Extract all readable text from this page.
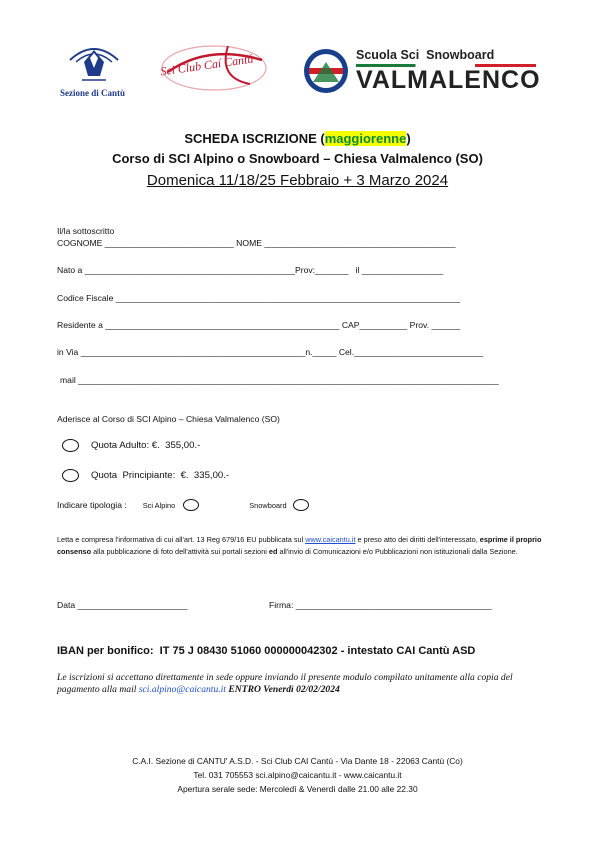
Sezione di Cantù
Sci Club Caí Cantú	Scuola Sci  Snowboard
VALMALENCO
SCHEDA ISCRIZIONE (maggiorenne)
Corso di SCI Alpino o Snowboard – Chiesa Valmalenco (SO)
Domenica 11/18/25 Febbraio + 3 Marzo 2024
Il/la sottoscritto
COGNOME ___________________________ NOME ________________________________________
Nato a ____________________________________________Prov:_______   il _________________
Codice Fiscale ________________________________________________________________________
Residente a _________________________________________________ CAP__________ Prov. ______
in Via _______________________________________________n._____ Cel.___________________________
mail ________________________________________________________________________________________
Aderisce al Corso di SCI Alpino – Chiesa Valmalenco (SO)
Quota Adulto: €.  355,00.-
Quota  Principiante:  €.  335,00.-
Indicare tipologia : Sci Alpino	Snowboard
Letta e compresa l'informativa di cui all'art. 13 Reg 679/16 EU pubblicata sul www.caicantu.it e preso atto dei diritti dell'interessato, esprime il proprio consenso alla pubblicazione di foto dell'attività sui portali sezioni ed all'invio di Comunicazioni e/o Pubblicazioni non istituzionali dalla Sezione.
Data _______________________	Firma: _________________________________________
IBAN per bonifico:  IT 75 J 08430 51060 000000042302 - intestato CAI Cantù ASD
Le iscrizioni si accettano direttamente in sede oppure inviando il presente modulo compilato unitamente alla copia del pagamento alla mail sci.alpino@caicantu.it ENTRO Venerdì 02/02/2024
C.A.I. Sezione di CANTU' A.S.D. - Sci Club CAI Cantù - Via Dante 18 - 22063 Cantù (Co)
Tel. 031 705553 sci.alpino@caicantu.it - www.caicantu.it
Apertura serale sede: Mercoledì & Venerdì dalle 21.00 alle 22.30
